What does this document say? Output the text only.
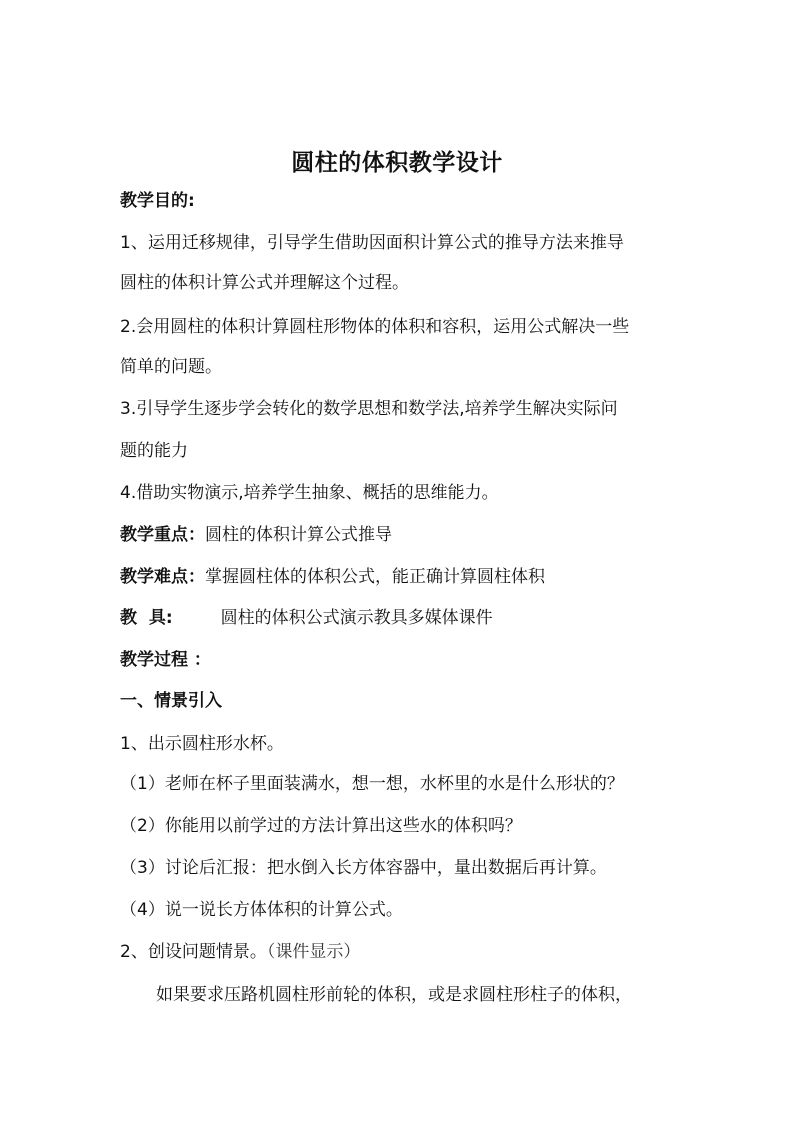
圆柱的体积教学设计
教学目的:
1、运用迁移规律，引导学生借助因面积计算公式的推导方法来推导
圆柱的体积计算公式并理解这个过程。
2.会用圆柱的体积计算圆柱形物体的体积和容积，运用公式解决一些
简单的问题。
3.引导学生逐步学会转化的数学思想和数学法,培养学生解决实际问
题的能力
4.借助实物演示,培养学生抽象、概括的思维能力。
教学重点：圆柱的体积计算公式推导
教学难点：掌握圆柱体的体积公式，能正确计算圆柱体积
教  具:	圆柱的体积公式演示教具多媒体课件
教学过程 ：
一、情景引入
1、出示圆柱形水杯。
（1）老师在杯子里面装满水，想一想，水杯里的水是什么形状的？
（2）你能用以前学过的方法计算出这些水的体积吗？
（3）讨论后汇报：把水倒入长方体容器中，量出数据后再计算。
（4）说一说长方体体积的计算公式。
2、创设问题情景。（课件显示）
如果要求压路机圆柱形前轮的体积，或是求圆柱形柱子的体积，
